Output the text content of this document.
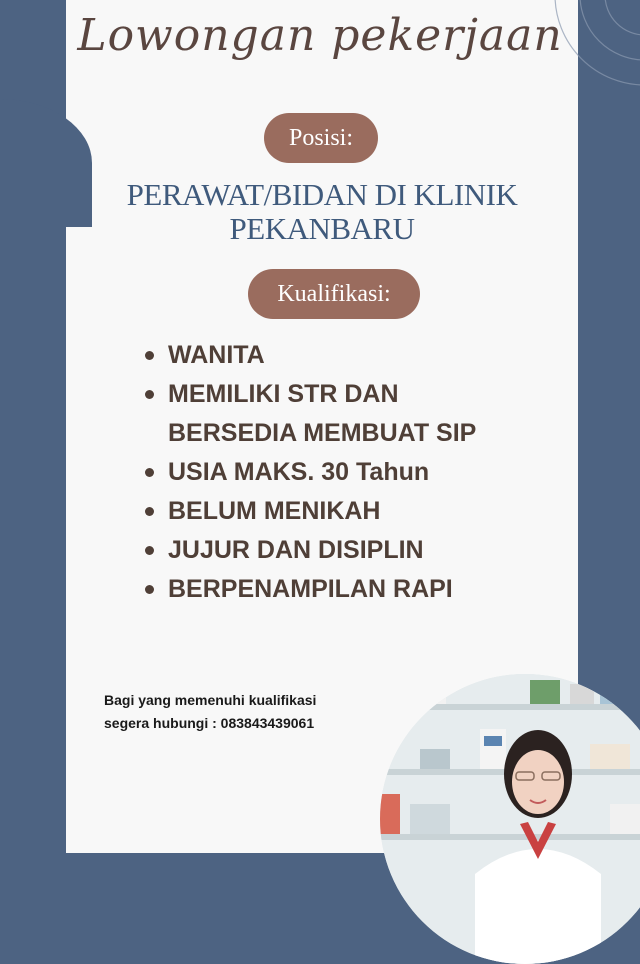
Lowongan pekerjaan
Posisi:
PERAWAT/BIDAN DI KLINIK PEKANBARU
Kualifikasi:
WANITA
MEMILIKI STR DAN BERSEDIA MEMBUAT SIP
USIA MAKS. 30 Tahun
BELUM MENIKAH
JUJUR DAN DISIPLIN
BERPENAMPILAN RAPI
Bagi yang memenuhi kualifikasi
segera hubungi : 083843439061
